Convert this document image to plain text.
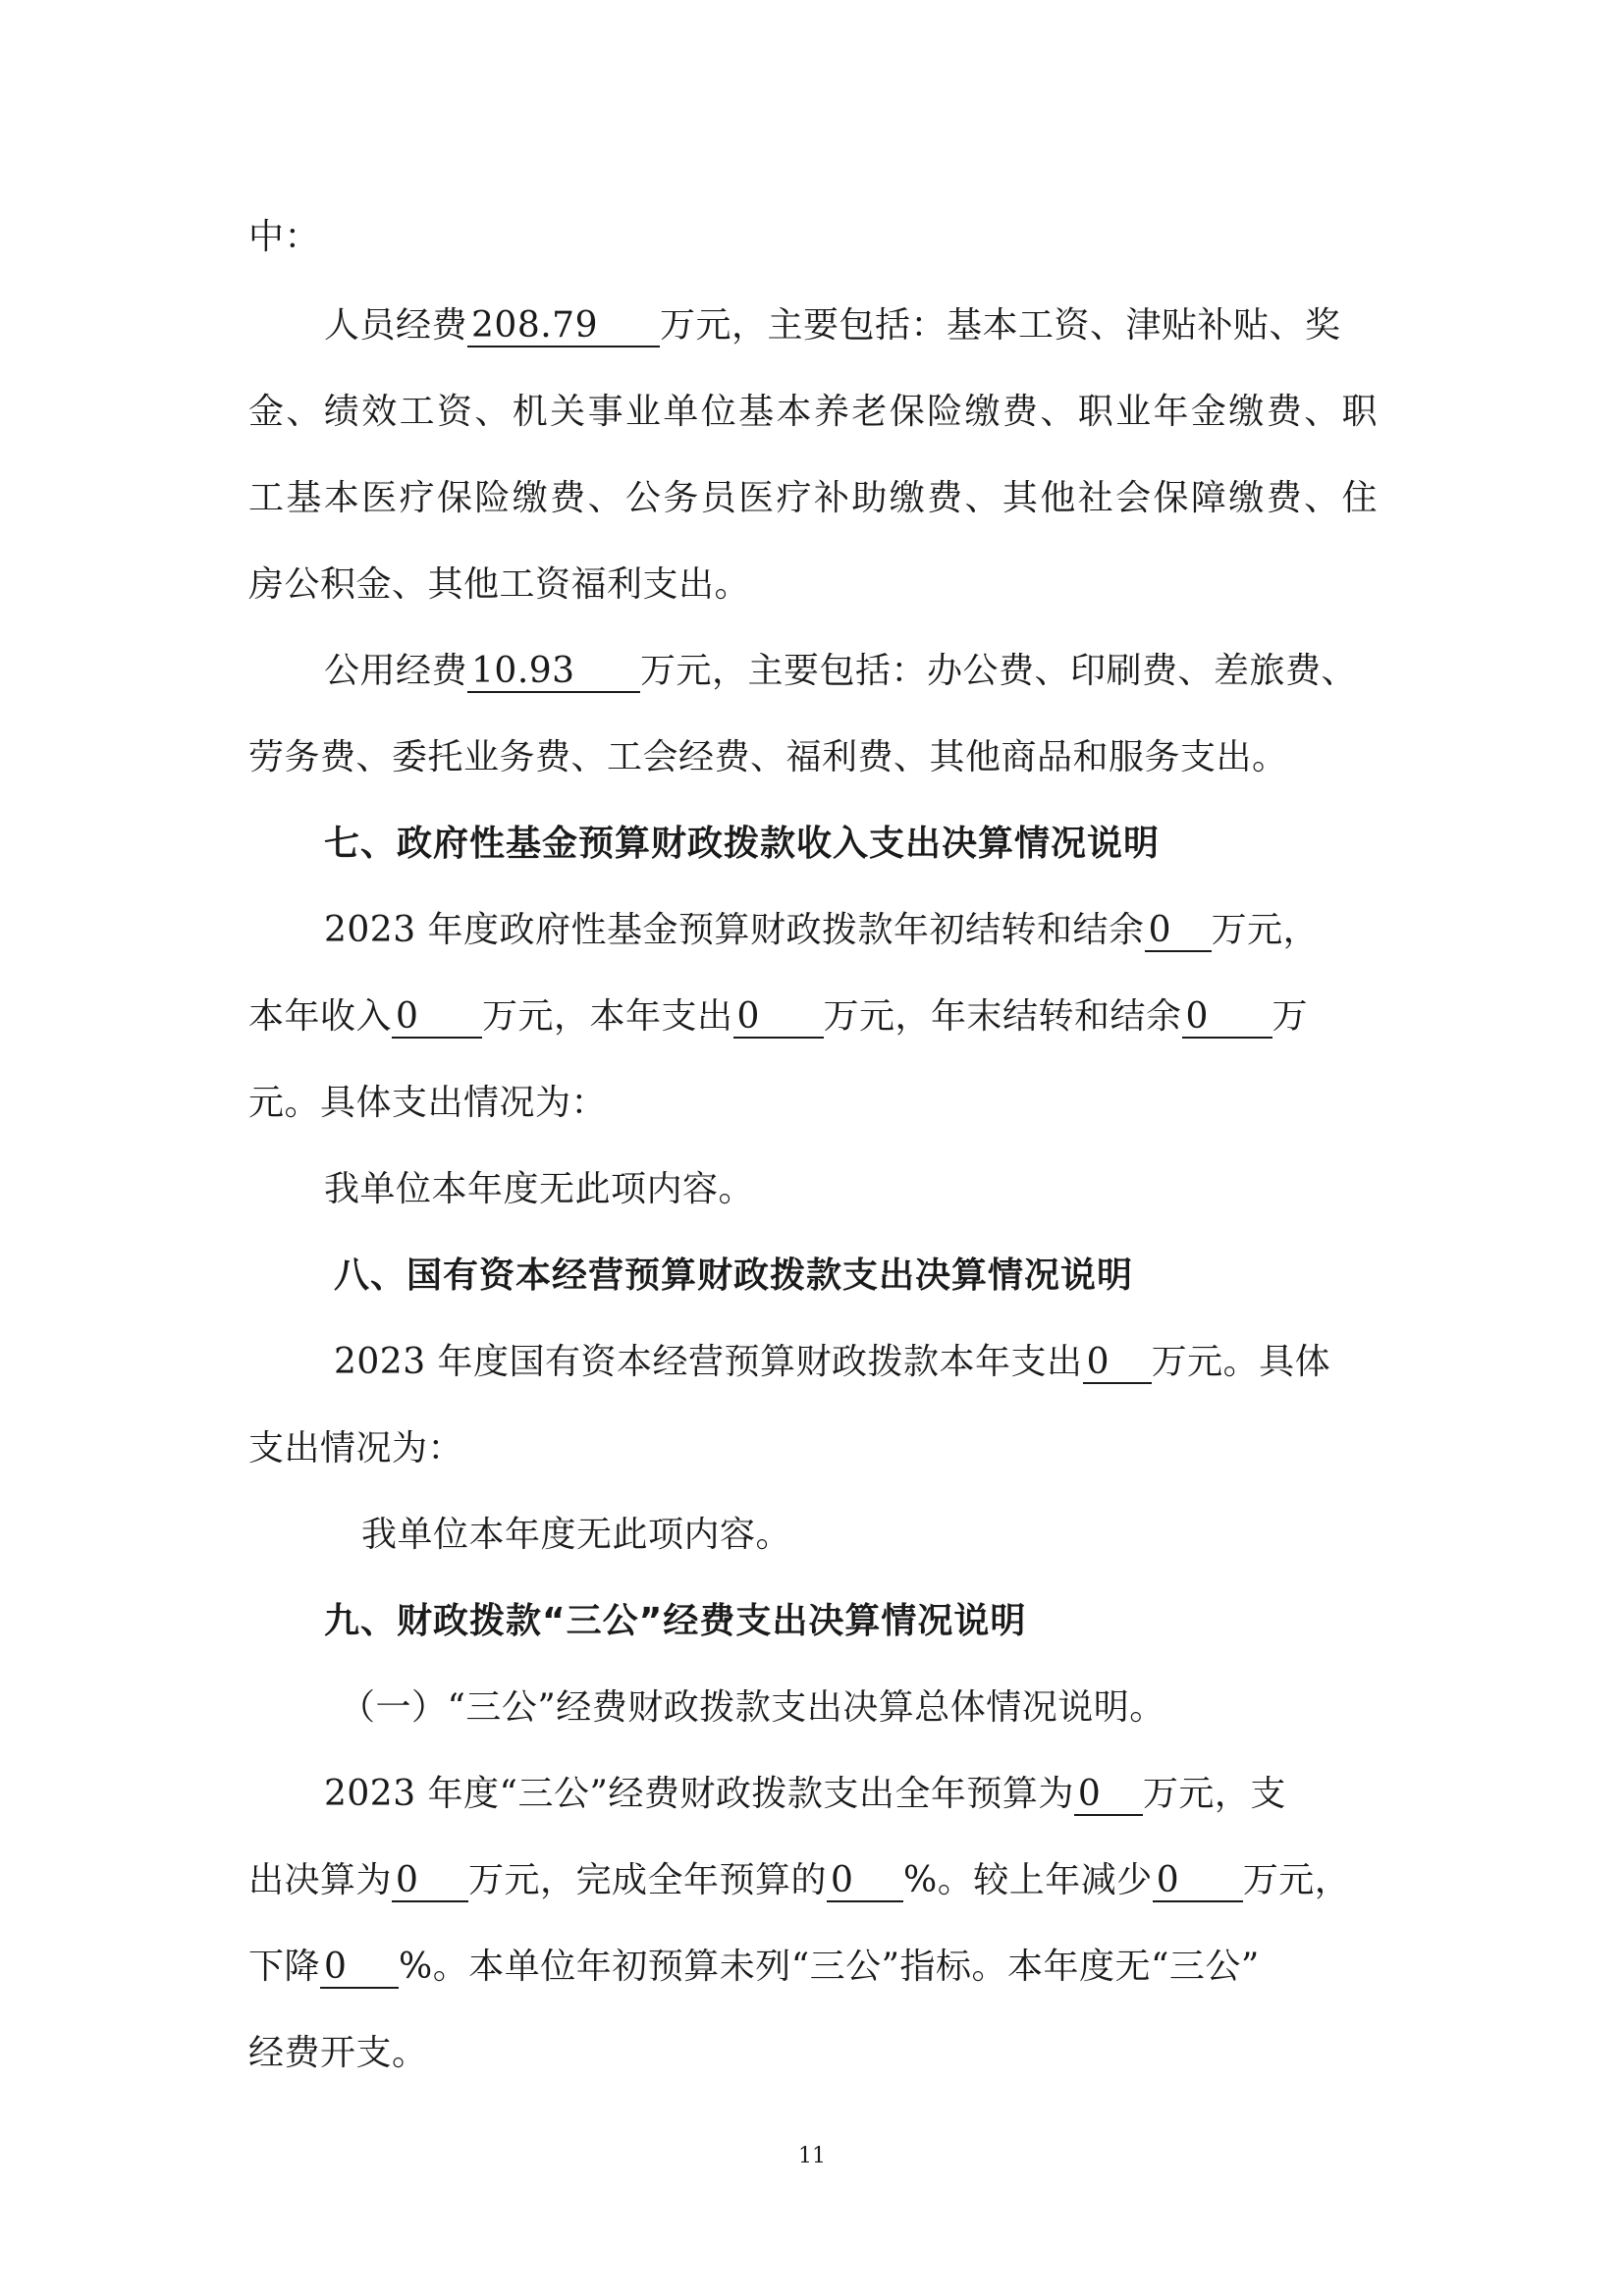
中：
人员经费 208.79 万元，主要包括：基本工资、津贴补贴、奖
金、绩效工资、机关事业单位基本养老保险缴费、职业年金缴费、职
工基本医疗保险缴费、公务员医疗补助缴费、其他社会保障缴费、住
房公积金、其他工资福利支出。
公用经费 10.93 万元，主要包括：办公费、印刷费、差旅费、
劳务费、委托业务费、工会经费、福利费、其他商品和服务支出。
七、政府性基金预算财政拨款收入支出决算情况说明
2023 年度政府性基金预算财政拨款年初结转和结余 0 万元，
本年收入 0 万元，本年支出 0 万元，年末结转和结余 0 万
元。具体支出情况为：
我单位本年度无此项内容。
八、国有资本经营预算财政拨款支出决算情况说明
2023 年度国有资本经营预算财政拨款本年支出 0 万元。具体
支出情况为：
我单位本年度无此项内容。
九、财政拨款“三公”经费支出决算情况说明
（一）“三公”经费财政拨款支出决算总体情况说明。
2023 年度“三公”经费财政拨款支出全年预算为 0 万元，支
出决算为 0 万元，完成全年预算的 0 %。较上年减少 0 万元，
下降 0 %。本单位年初预算未列“三公”指标。本年度无“三公”
经费开支。
11
